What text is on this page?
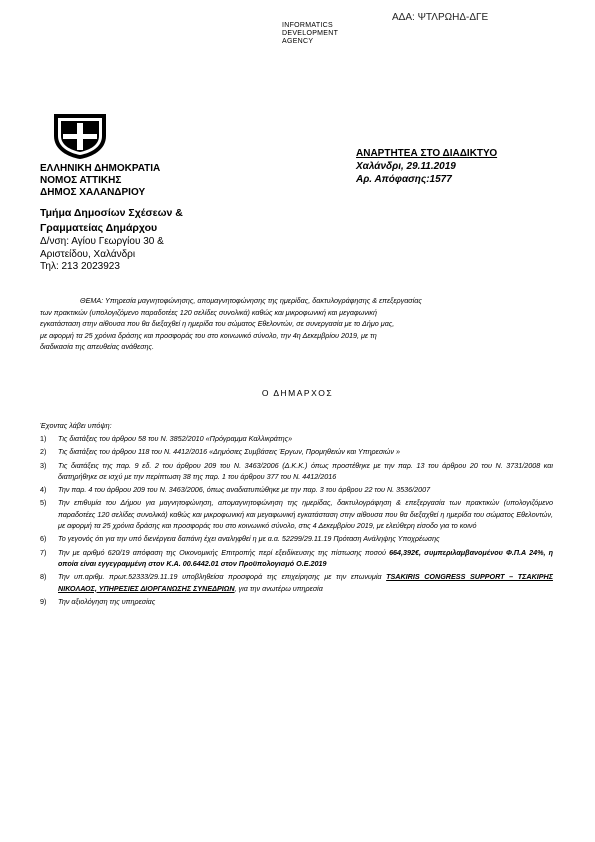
ΑΔΑ: ΨΤΛΡΩΗΔ-ΔΓΕ
INFORMATICS
DEVELOPMENT
AGENCY
ΑΝΑΡΤΗΤΕΑ ΣΤΟ ΔΙΑΔΙΚΤΥΟ
Χαλάνδρι, 29.11.2019
Αρ. Απόφασης:1577
ΕΛΛΗΝΙΚΗ ΔΗΜΟΚΡΑΤΙΑ
ΝΟΜΟΣ ΑΤΤΙΚΗΣ
ΔΗΜΟΣ ΧΑΛΑΝΔΡΙΟΥ
Τμήμα Δημοσίων Σχέσεων &
Γραμματείας Δημάρχου
Δ/νση: Αγίου Γεωργίου 30 &
Αριστείδου, Χαλάνδρι
Τηλ: 213 2023923
ΘΕΜΑ: Υπηρεσία μαγνητοφώνησης, απομαγνητοφώνησης της ημερίδας, δακτυλογράφησης & επεξεργασίας
των πρακτικών (υπολογιζόμενο παραδοτέες 120 σελίδες συνολικά) καθώς και μικροφωνική και μεγαφωνική
εγκατάσταση στην αίθουσα που θα διεξαχθεί η ημερίδα του σώματος Εθελοντών, σε συνεργασία με το Δήμο μας,
με αφορμή τα 25 χρόνια δράσης και προσφοράς του στο κοινωνικό σύνολο, την 4η Δεκεμβρίου 2019, με τη
διαδικασία της απευθείας ανάθεσης.
Ο ΔΗΜΑΡΧΟΣ
Έχοντας λάβει υπόψη:
1) Τις διατάξεις του άρθρου 58 του Ν. 3852/2010 «Πρόγραμμα Καλλικράτης»
2) Τις διατάξεις του άρθρου 118 του Ν. 4412/2016 «Δημόσιες Συμβάσεις Έργων, Προμηθειών και Υπηρεσιών »
3) Τις διατάξεις της παρ. 9 εδ. 2 του άρθρου 209 του Ν. 3463/2006 (Δ.Κ.Κ.) όπως προστέθηκε με την παρ. 13 του άρθρου 20 του Ν. 3731/2008 και διατηρήθηκε σε ισχύ με την περίπτωση 38 της παρ. 1 του άρθρου 377 του Ν. 4412/2016
4) Την παρ. 4 του άρθρου 209 του Ν. 3463/2006, όπως αναδιατυπώθηκε με την παρ. 3 του άρθρου 22 του Ν. 3536/2007
5) Την επιθυμία του Δήμου για μαγνητοφώνηση, απομαγνητοφώνηση της ημερίδας, δακτυλογράφηση & επεξεργασία των πρακτικών (υπολογιζόμενο παραδοτέες 120 σελίδες συνολικά) καθώς και μικροφωνική και μεγαφωνική εγκατάσταση στην αίθουσα που θα διεξαχθεί η ημερίδα του σώματος Εθελοντών, με αφορμή τα 25 χρόνια δράσης και προσφοράς του στο κοινωνικό σύνολο, στις 4 Δεκεμβρίου 2019, με ελεύθερη είσοδο για το κοινό
6) Το γεγονός ότι για την υπό διενέργεια δαπάνη έχει αναληφθεί η με α.α. 52299/29.11.19 Πρόταση Ανάληψης Υποχρέωσης
7) Την με αριθμό 620/19 απόφαση της Οικονομικής Επιτροπής περί εξειδίκευσης της πίστωσης ποσού 664,392€, συμπεριλαμβανομένου Φ.Π.Α 24%, η οποία είναι εγγεγραμμένη στον Κ.Α. 00.6442.01 στον Προϋπολογισμό Ο.Ε.2019
8) Την υπ.αριθμ. πρωτ.52333/29.11.19 υποβληθείσα προσφορά της επιχείρησης με την επωνυμία TSAKIRIS CONGRESS SUPPORT – ΤΣΑΚΙΡΗΣ ΝΙΚΟΛΑΟΣ, ΥΠΗΡΕΣΙΕΣ ΔΙΟΡΓΑΝΩΣΗΣ ΣΥΝΕΔΡΙΩΝ, για την ανωτέρω υπηρεσία
9) Την αξιολόγηση της υπηρεσίας
